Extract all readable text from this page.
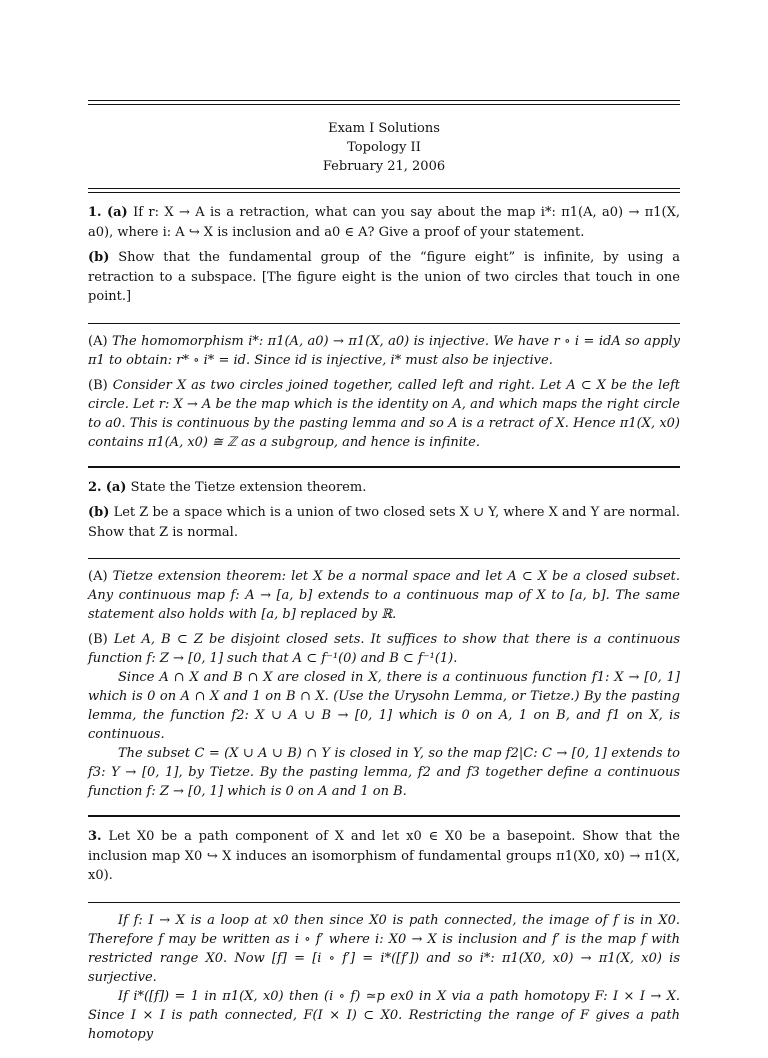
Exam I Solutions
Topology II
February 21, 2006

1. (a) If r: X → A is a retraction, what can you say about the map i*: π1(A, a0) → π1(X, a0), where i: A ↪ X is inclusion and a0 ∈ A? Give a proof of your statement.

(b) Show that the fundamental group of the “figure eight” is infinite, by using a retraction to a subspace. [The figure eight is the union of two circles that touch in one point.]

(A) The homomorphism i*: π1(A, a0) → π1(X, a0) is injective. We have r ∘ i = idA so apply π1 to obtain: r* ∘ i* = id. Since id is injective, i* must also be injective.

(B) Consider X as two circles joined together, called left and right. Let A ⊂ X be the left circle. Let r: X → A be the map which is the identity on A, and which maps the right circle to a0. This is continuous by the pasting lemma and so A is a retract of X. Hence π1(X, x0) contains π1(A, x0) ≅ ℤ as a subgroup, and hence is infinite.

2. (a) State the Tietze extension theorem.

(b) Let Z be a space which is a union of two closed sets X ∪ Y, where X and Y are normal. Show that Z is normal.

(A) Tietze extension theorem: let X be a normal space and let A ⊂ X be a closed subset. Any continuous map f: A → [a, b] extends to a continuous map of X to [a, b]. The same statement also holds with [a, b] replaced by ℝ.

(B) Let A, B ⊂ Z be disjoint closed sets. It suffices to show that there is a continuous function f: Z → [0, 1] such that A ⊂ f⁻¹(0) and B ⊂ f⁻¹(1).

Since A ∩ X and B ∩ X are closed in X, there is a continuous function f1: X → [0, 1] which is 0 on A ∩ X and 1 on B ∩ X. (Use the Urysohn Lemma, or Tietze.) By the pasting lemma, the function f2: X ∪ A ∪ B → [0, 1] which is 0 on A, 1 on B, and f1 on X, is continuous.

The subset C = (X ∪ A ∪ B) ∩ Y is closed in Y, so the map f2|C: C → [0, 1] extends to f3: Y → [0, 1], by Tietze. By the pasting lemma, f2 and f3 together define a continuous function f: Z → [0, 1] which is 0 on A and 1 on B.

3. Let X0 be a path component of X and let x0 ∈ X0 be a basepoint. Show that the inclusion map X0 ↪ X induces an isomorphism of fundamental groups π1(X0, x0) → π1(X, x0).

If f: I → X is a loop at x0 then since X0 is path connected, the image of f is in X0. Therefore f may be written as i ∘ f′ where i: X0 → X is inclusion and f′ is the map f with restricted range X0. Now [f] = [i ∘ f′] = i*([f′]) and so i*: π1(X0, x0) → π1(X, x0) is surjective.

If i*([f]) = 1 in π1(X, x0) then (i ∘ f) ≃p ex0 in X via a path homotopy F: I × I → X. Since I × I is path connected, F(I × I) ⊂ X0. Restricting the range of F gives a path homotopy
